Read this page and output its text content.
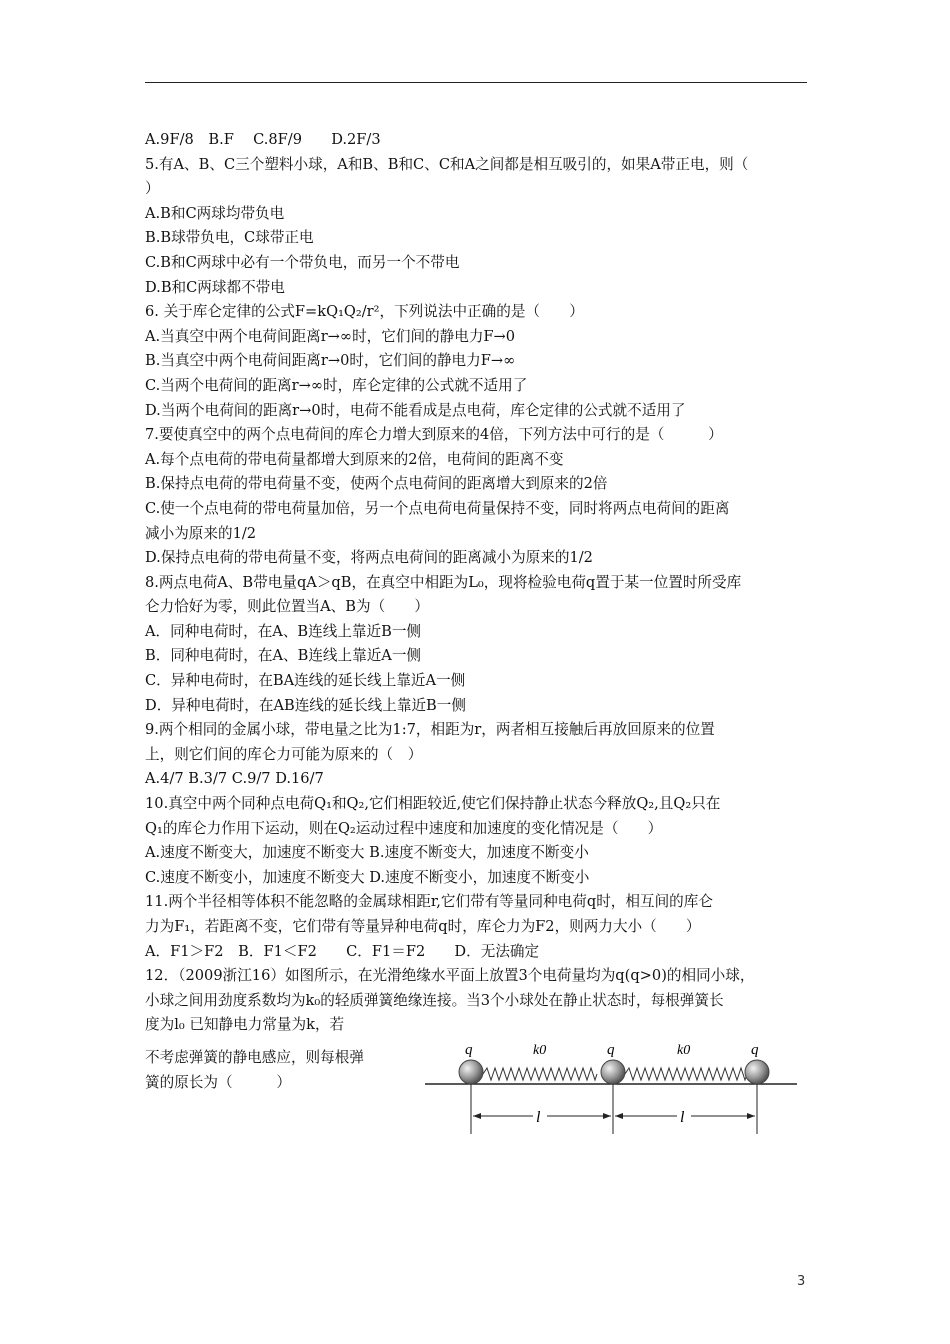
A.9F/8　B.F　 C.8F/9　　D.2F/3
5.有A、B、C三个塑料小球，A和B、B和C、C和A之间都是相互吸引的，如果A带正电，则（
）
A.B和C两球均带负电
B.B球带负电，C球带正电
C.B和C两球中必有一个带负电，而另一个不带电
D.B和C两球都不带电
6. 关于库仑定律的公式F=kQ₁Q₂/r²，下列说法中正确的是（　　）
A.当真空中两个电荷间距离r→∞时，它们间的静电力F→0
B.当真空中两个电荷间距离r→0时，它们间的静电力F→∞
C.当两个电荷间的距离r→∞时，库仑定律的公式就不适用了
D.当两个电荷间的距离r→0时，电荷不能看成是点电荷，库仑定律的公式就不适用了
7.要使真空中的两个点电荷间的库仑力增大到原来的4倍，下列方法中可行的是（　　　）
A.每个点电荷的带电荷量都增大到原来的2倍，电荷间的距离不变
B.保持点电荷的带电荷量不变，使两个点电荷间的距离增大到原来的2倍
C.使一个点电荷的带电荷量加倍，另一个点电荷电荷量保持不变，同时将两点电荷间的距离
减小为原来的1/2
D.保持点电荷的带电荷量不变，将两点电荷间的距离减小为原来的1/2
8.两点电荷A、B带电量qA＞qB，在真空中相距为L₀，现将检验电荷q置于某一位置时所受库
仑力恰好为零，则此位置当A、B为（　　）
A．同种电荷时，在A、B连线上靠近B一侧
B．同种电荷时，在A、B连线上靠近A一侧
C．异种电荷时，在BA连线的延长线上靠近A一侧
D．异种电荷时，在AB连线的延长线上靠近B一侧
9.两个相同的金属小球，带电量之比为1:7，相距为r，两者相互接触后再放回原来的位置
上，则它们间的库仑力可能为原来的（　）
A.4/7 B.3/7 C.9/7 D.16/7
10.真空中两个同种点电荷Q₁和Q₂,它们相距较近,使它们保持静止状态今释放Q₂,且Q₂只在
Q₁的库仑力作用下运动，则在Q₂运动过程中速度和加速度的变化情况是（　　）
A.速度不断变大，加速度不断变大 B.速度不断变大，加速度不断变小
C.速度不断变小，加速度不断变大 D.速度不断变小，加速度不断变小
11.两个半径相等体积不能忽略的金属球相距r,它们带有等量同种电荷q时，相互间的库仑
力为F₁，若距离不变，它们带有等量异种电荷q时，库仑力为F2，则两力大小（　　）
A．F1＞F2　B．F1＜F2　　C．F1＝F2　　D．无法确定
12．（2009浙江16）如图所示，在光滑绝缘水平面上放置3个电荷量均为q(q>0)的相同小球，
小球之间用劲度系数均为k₀的轻质弹簧绝缘连接。当3个小球处在静止状态时，每根弹簧长
度为l₀ 已知静电力常量为k，若
不考虑弹簧的静电感应，则每根弹
簧的原长为（　　　）
q	q	q
k0	k0
l	l
3
